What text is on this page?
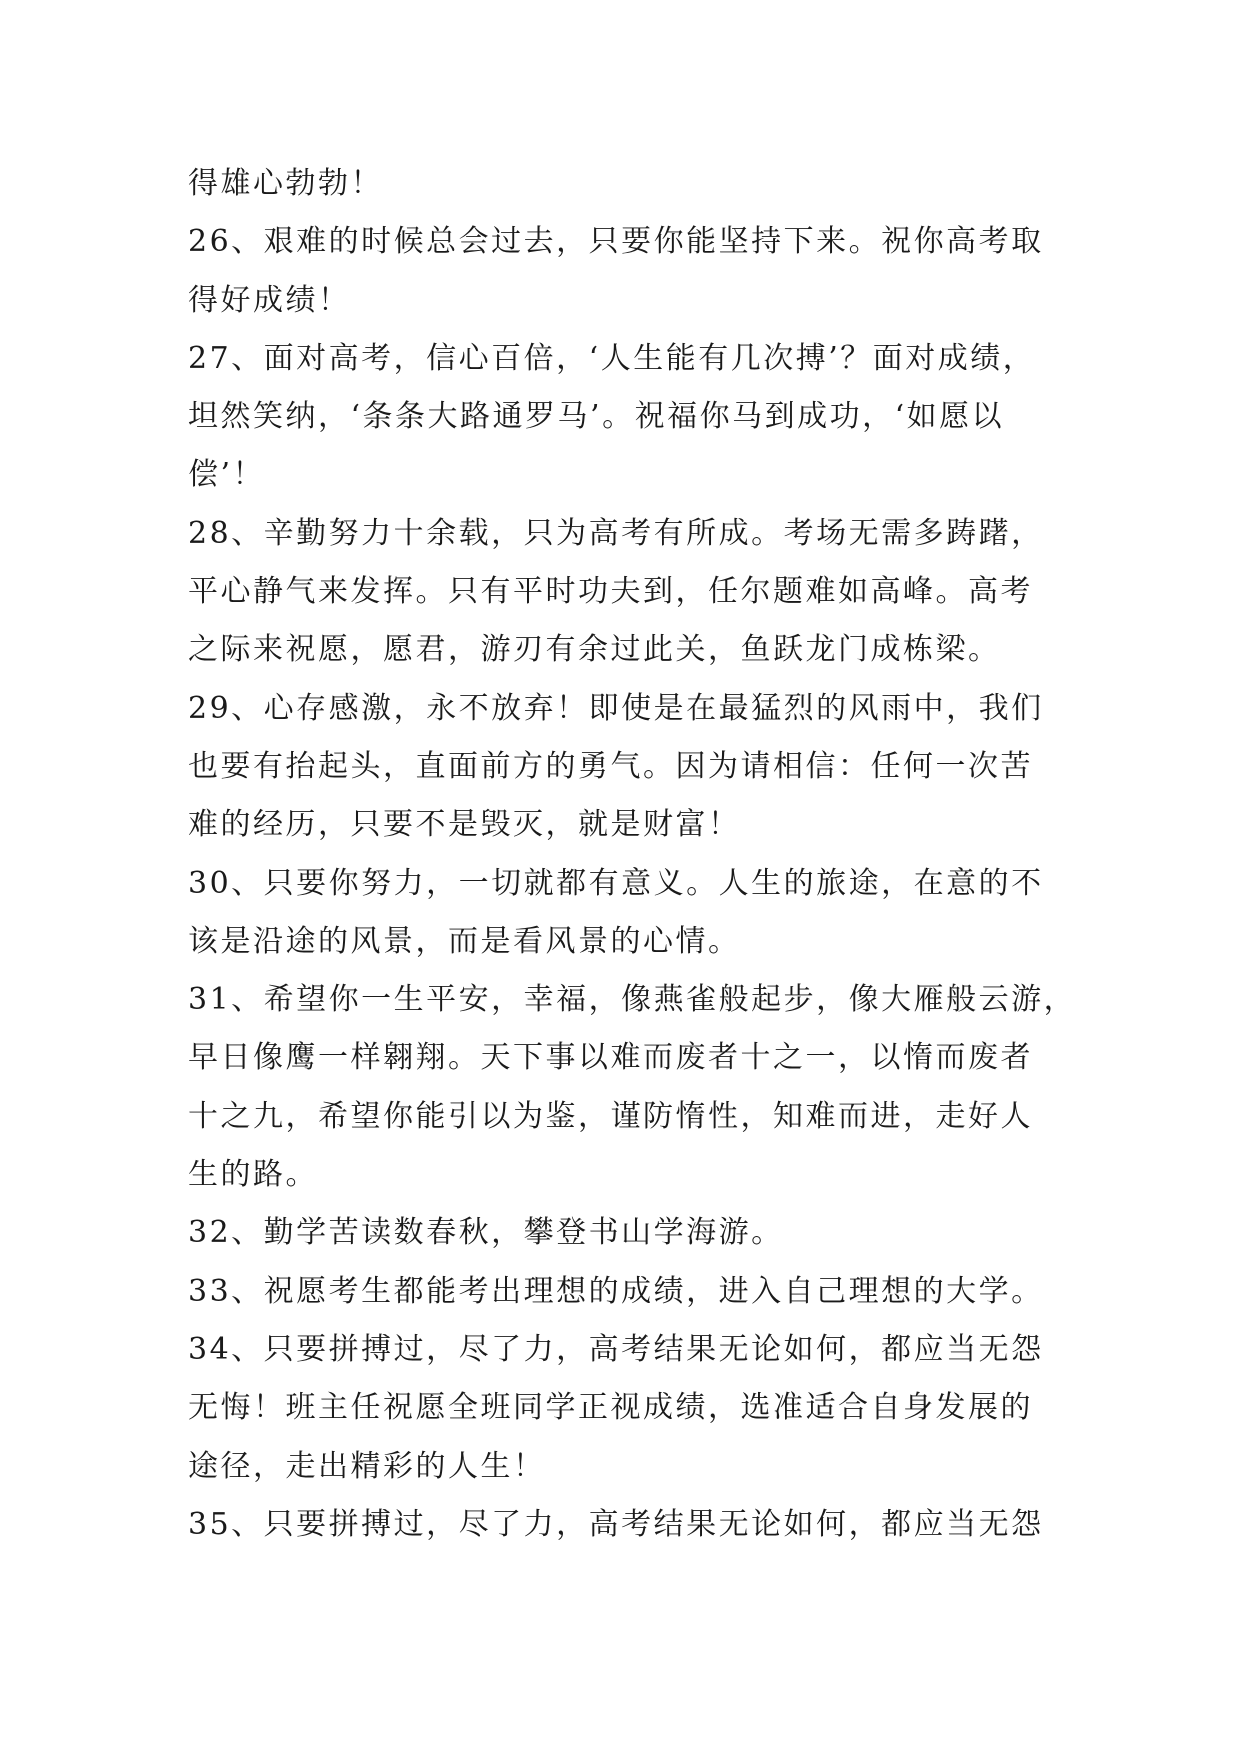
得雄心勃勃！
26、艰难的时候总会过去，只要你能坚持下来。祝你高考取
得好成绩！
27、面对高考，信心百倍，‘人生能有几次搏’？面对成绩，
坦然笑纳，‘条条大路通罗马’。祝福你马到成功，‘如愿以
偿’！
28、辛勤努力十余载，只为高考有所成。考场无需多踌躇，
平心静气来发挥。只有平时功夫到，任尔题难如高峰。高考
之际来祝愿，愿君，游刃有余过此关，鱼跃龙门成栋梁。
29、心存感激，永不放弃！即使是在最猛烈的风雨中，我们
也要有抬起头，直面前方的勇气。因为请相信：任何一次苦
难的经历，只要不是毁灭，就是财富！
30、只要你努力，一切就都有意义。人生的旅途，在意的不
该是沿途的风景，而是看风景的心情。
31、希望你一生平安，幸福，像燕雀般起步，像大雁般云游，
早日像鹰一样翱翔。天下事以难而废者十之一，以惰而废者
十之九，希望你能引以为鉴，谨防惰性，知难而进，走好人
生的路。
32、勤学苦读数春秋，攀登书山学海游。
33、祝愿考生都能考出理想的成绩，进入自己理想的大学。
34、只要拼搏过，尽了力，高考结果无论如何，都应当无怨
无悔！班主任祝愿全班同学正视成绩，选准适合自身发展的
途径，走出精彩的人生！
35、只要拼搏过，尽了力，高考结果无论如何，都应当无怨
